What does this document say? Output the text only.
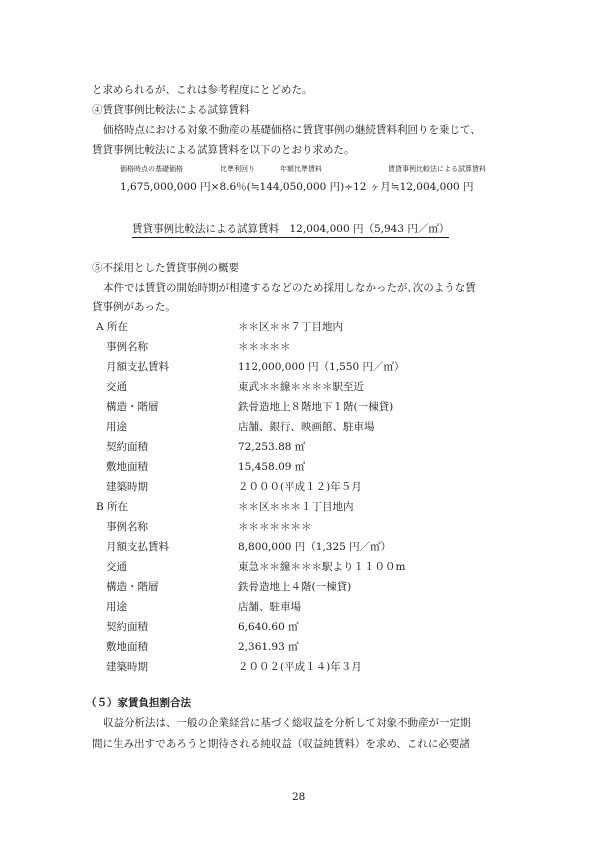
と求められるが、これは参考程度にとどめた。
④賃貸事例比較法による試算賃料
価格時点における対象不動産の基礎価格に賃貸事例の継続賃料利回りを乗じて、
賃貸事例比較法による試算賃料を以下のとおり求めた。
価格時点の基礎価格	比準利回り	年額比準賃料	賃貸事例比較法による試算賃料
1,675,000,000 円×8.6％(≒144,050,000 円)÷12 ヶ月≒12,004,000 円
賃貸事例比較法による試算賃料　12,004,000 円（5,943 円／㎡）
⑤不採用とした賃貸事例の概要
本件では賃貸の開始時期が相違するなどのため採用しなかったが､次のような賃
貸事例があった。
A 所在	＊＊区＊＊７丁目地内
事例名称	＊＊＊＊＊
月額支払賃料	112,000,000 円（1,550 円／㎡）
交通	東武＊＊線＊＊＊＊駅至近
構造・階層	鉄骨造地上８階地下１階(一棟貸)
用途	店舗、銀行、映画館、駐車場
契約面積	72,253.88 ㎡
敷地面積	15,458.09 ㎡
建築時期	２０００(平成１２)年５月
B 所在	＊＊区＊＊＊１丁目地内
事例名称	＊＊＊＊＊＊＊
月額支払賃料	8,800,000 円（1,325 円／㎡）
交通	東急＊＊線＊＊＊駅より１１００m
構造・階層	鉄骨造地上４階(一棟貸)
用途	店舗、駐車場
契約面積	6,640.60 ㎡
敷地面積	2,361.93 ㎡
建築時期	２００２(平成１４)年３月
（５）家賃負担割合法
収益分析法は、一般の企業経営に基づく総収益を分析して対象不動産が一定期
間に生み出すであろうと期待される純収益（収益純賃料）を求め、これに必要諸
28
